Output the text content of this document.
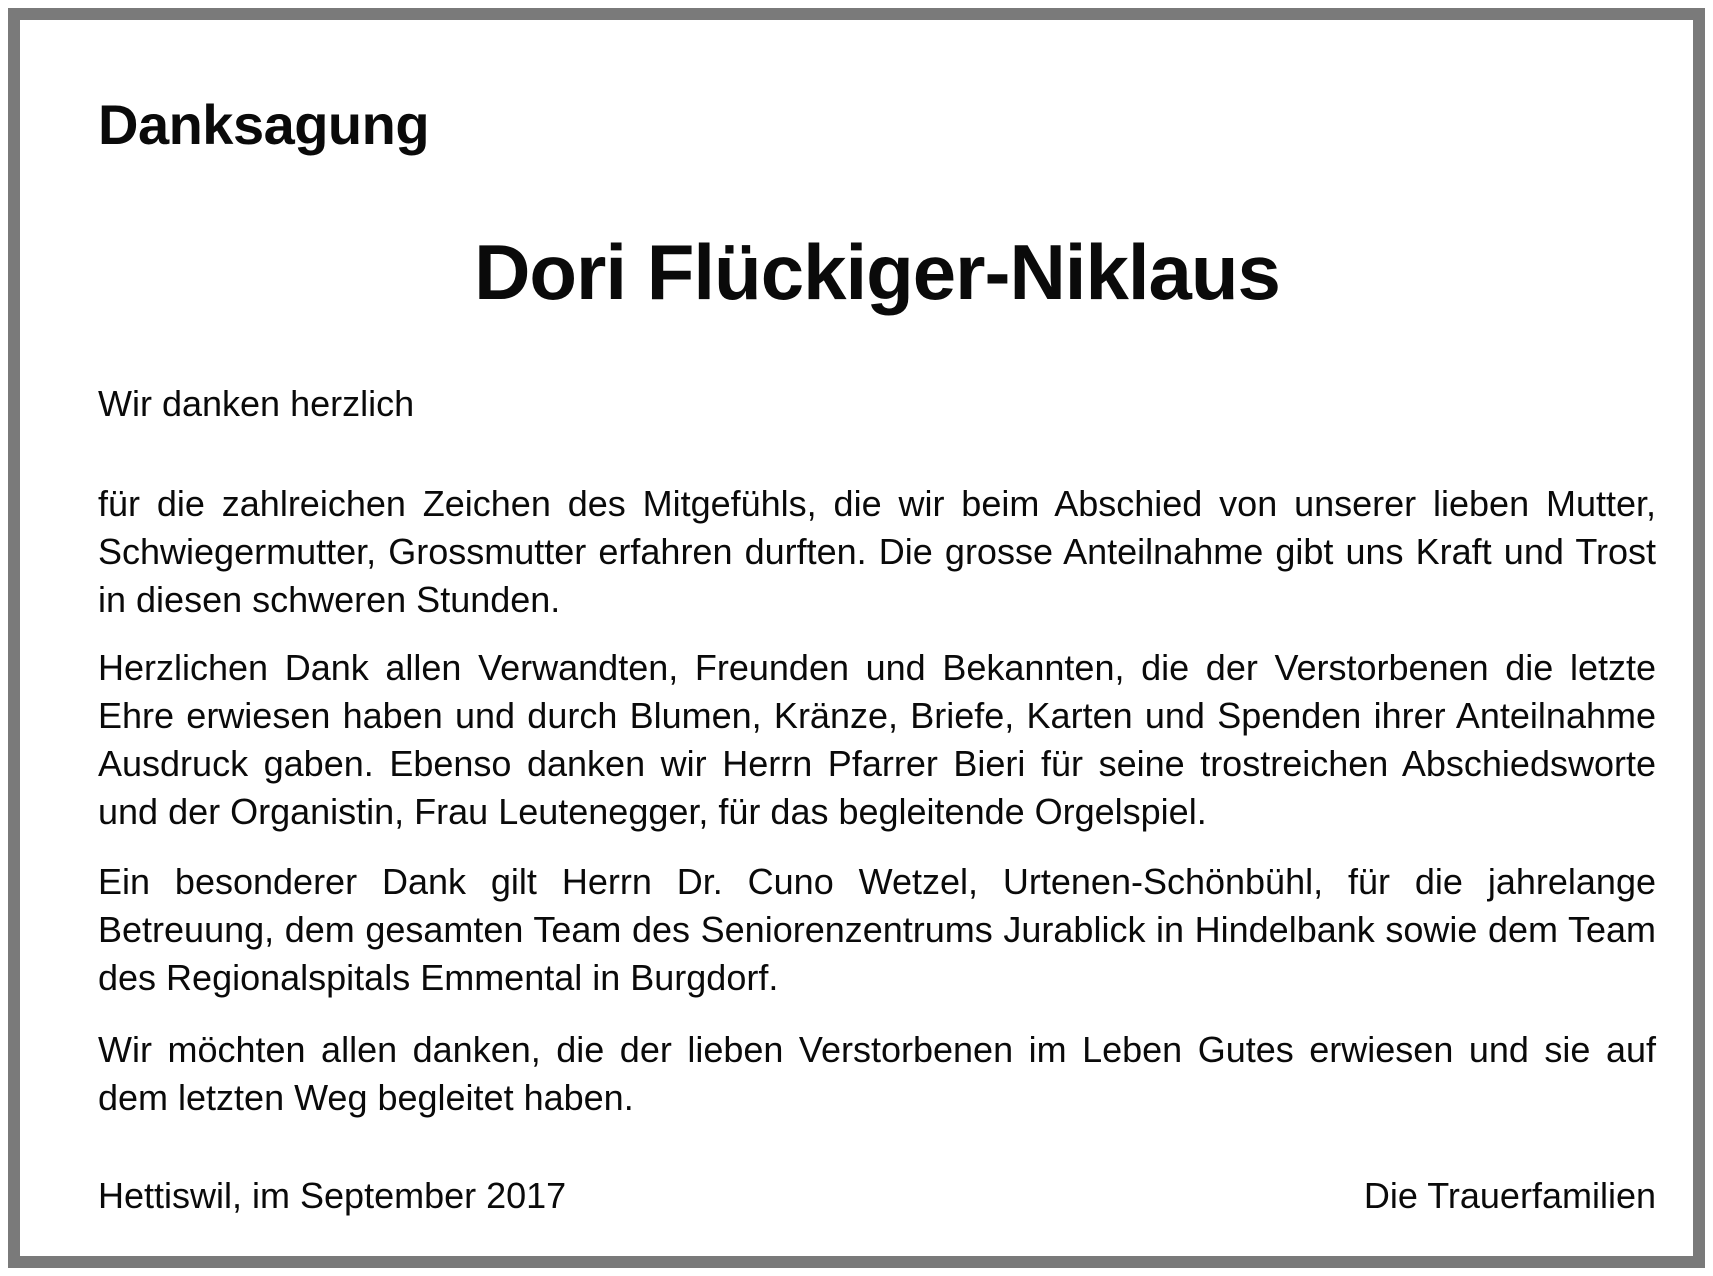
Danksagung
Dori Flückiger-Niklaus
Wir danken herzlich
für die zahlreichen Zeichen des Mitgefühls, die wir beim Abschied von unserer lieben Mutter, Schwiegermutter, Grossmutter erfahren durften. Die grosse Anteilnahme gibt uns Kraft und Trost in diesen schweren Stunden.
Herzlichen Dank allen Verwandten, Freunden und Bekannten, die der Verstorbenen die letzte Ehre erwiesen haben und durch Blumen, Kränze, Briefe, Karten und Spenden ihrer Anteilnahme Ausdruck gaben. Ebenso danken wir Herrn Pfarrer Bieri für seine trostreichen Abschiedsworte und der Organistin, Frau Leutenegger, für das begleitende Orgelspiel.
Ein besonderer Dank gilt Herrn Dr. Cuno Wetzel, Urtenen-Schönbühl, für die jahrelange Betreuung, dem gesamten Team des Seniorenzentrums Jurablick in Hindelbank sowie dem Team des Regionalspitals Emmental in Burgdorf.
Wir möchten allen danken, die der lieben Verstorbenen im Leben Gutes erwiesen und sie auf dem letzten Weg begleitet haben.
Hettiswil, im September 2017	Die Trauerfamilien
